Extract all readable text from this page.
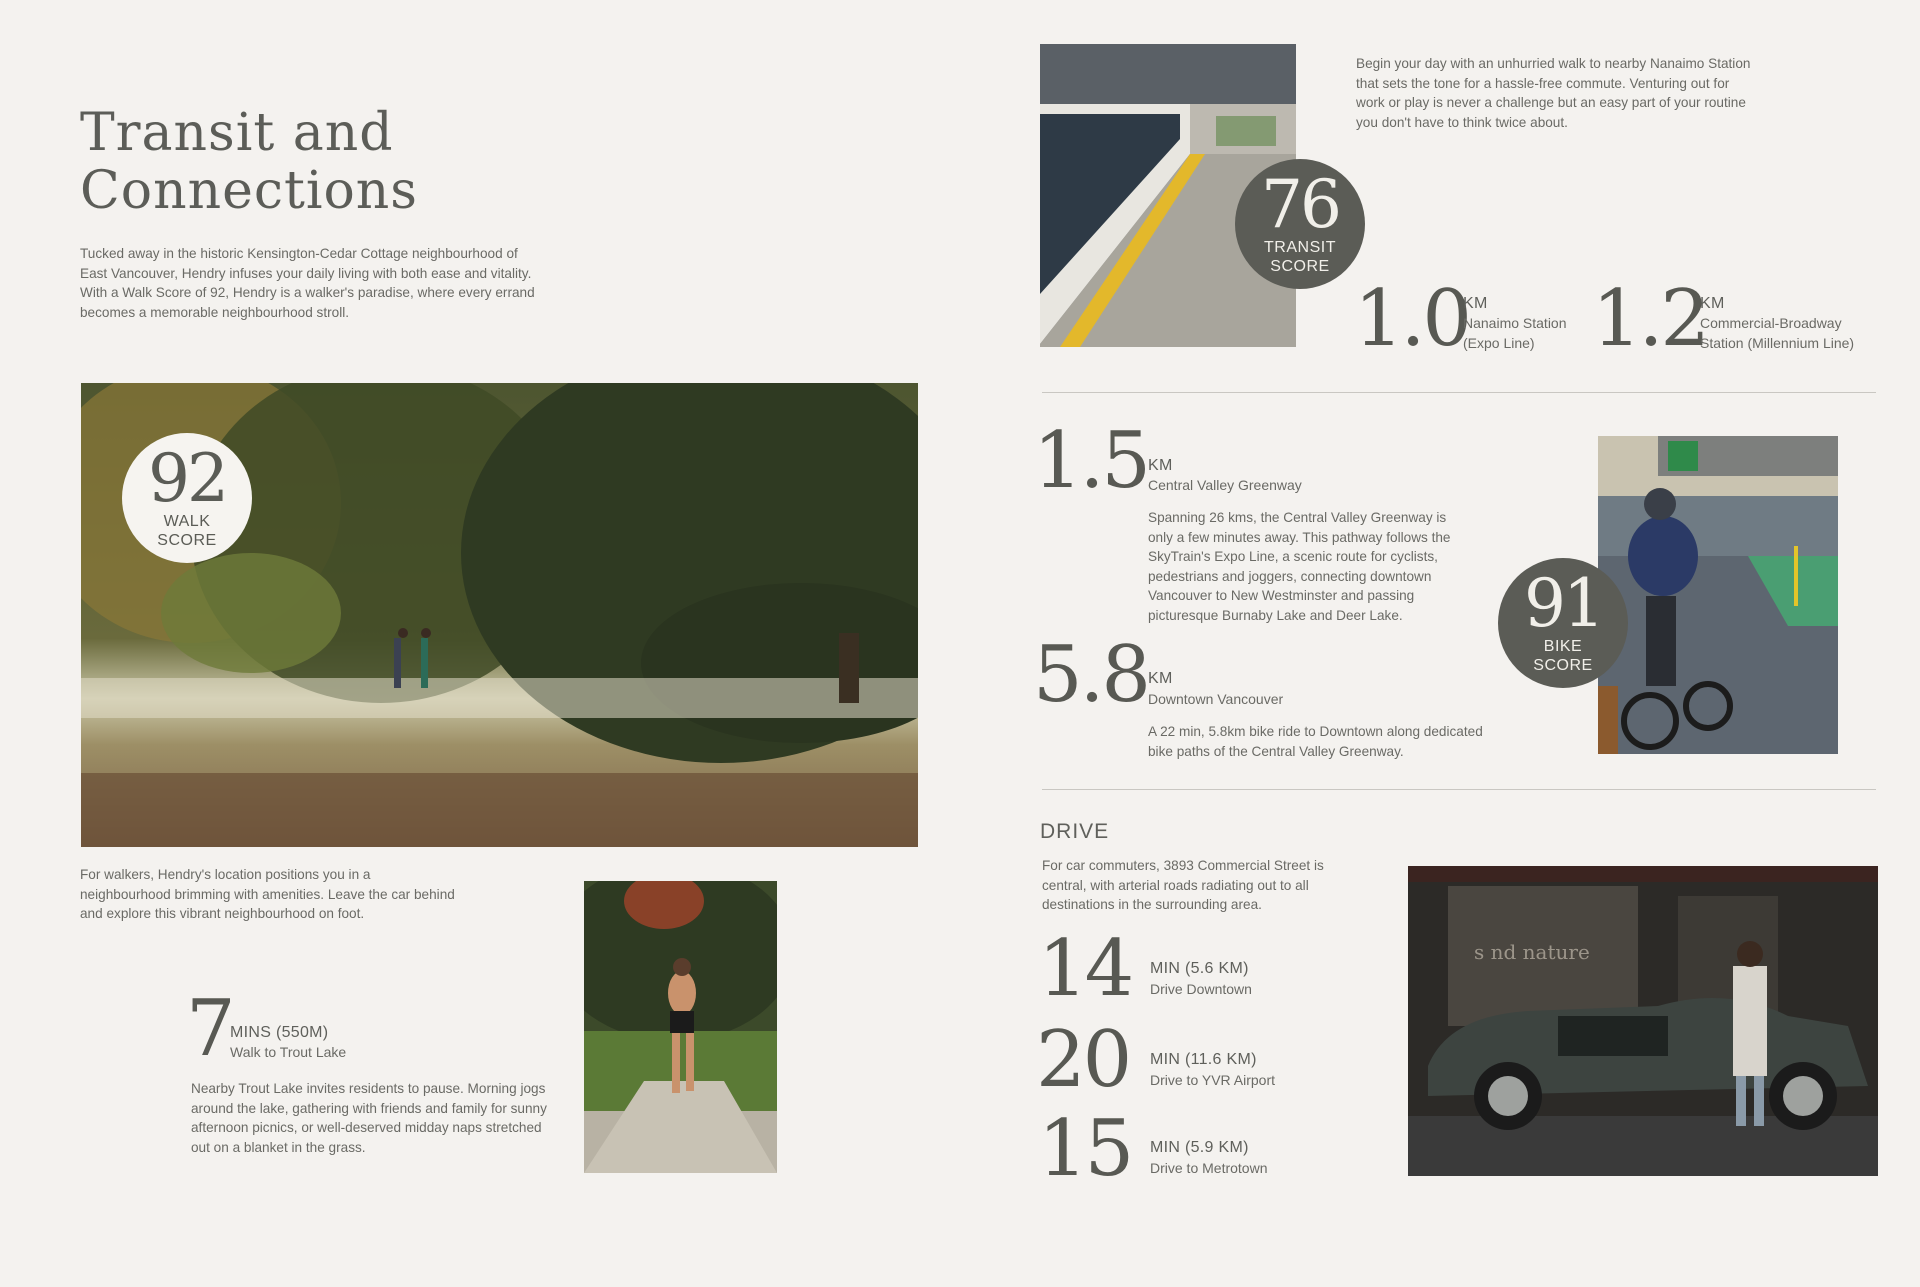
Transit and
Connections
Tucked away in the historic Kensington-Cedar Cottage neighbourhood of East Vancouver, Hendry infuses your daily living with both ease and vitality. With a Walk Score of 92, Hendry is a walker's paradise, where every errand becomes a memorable neighbourhood stroll.
92
WALK
SCORE
For walkers, Hendry's location positions you in a neighbourhood brimming with amenities. Leave the car behind and explore this vibrant neighbourhood on foot.
7
MINS (550M)
Walk to Trout Lake
Nearby Trout Lake invites residents to pause. Morning jogs around the lake, gathering with friends and family for sunny afternoon picnics, or well-deserved midday naps stretched out on a blanket in the grass.
Begin your day with an unhurried walk to nearby Nanaimo Station that sets the tone for a hassle-free commute. Venturing out for work or play is never a challenge but an easy part of your routine you don't have to think twice about.
76
TRANSIT
SCORE
1.0
KM
Nanaimo Station
(Expo Line) 1.2
KM
Commercial-Broadway
Station (Millennium Line)
1.5 KM
Central Valley Greenway
Spanning 26 kms, the Central Valley Greenway is only a few minutes away. This pathway follows the SkyTrain's Expo Line, a scenic route for cyclists, pedestrians and joggers, connecting downtown Vancouver to New Westminster and passing picturesque Burnaby Lake and Deer Lake.
5.8 KM
Downtown Vancouver
A 22 min, 5.8km bike ride to Downtown along dedicated bike paths of the Central Valley Greenway.
91
BIKE
SCORE
DRIVE
For car commuters, 3893 Commercial Street is central, with arterial roads radiating out to all destinations in the surrounding area.
14 MIN (5.6 KM)
Drive Downtown
20 MIN (11.6 KM)
Drive to YVR Airport
15 MIN (5.9 KM)
Drive to Metrotown
s nd nature
